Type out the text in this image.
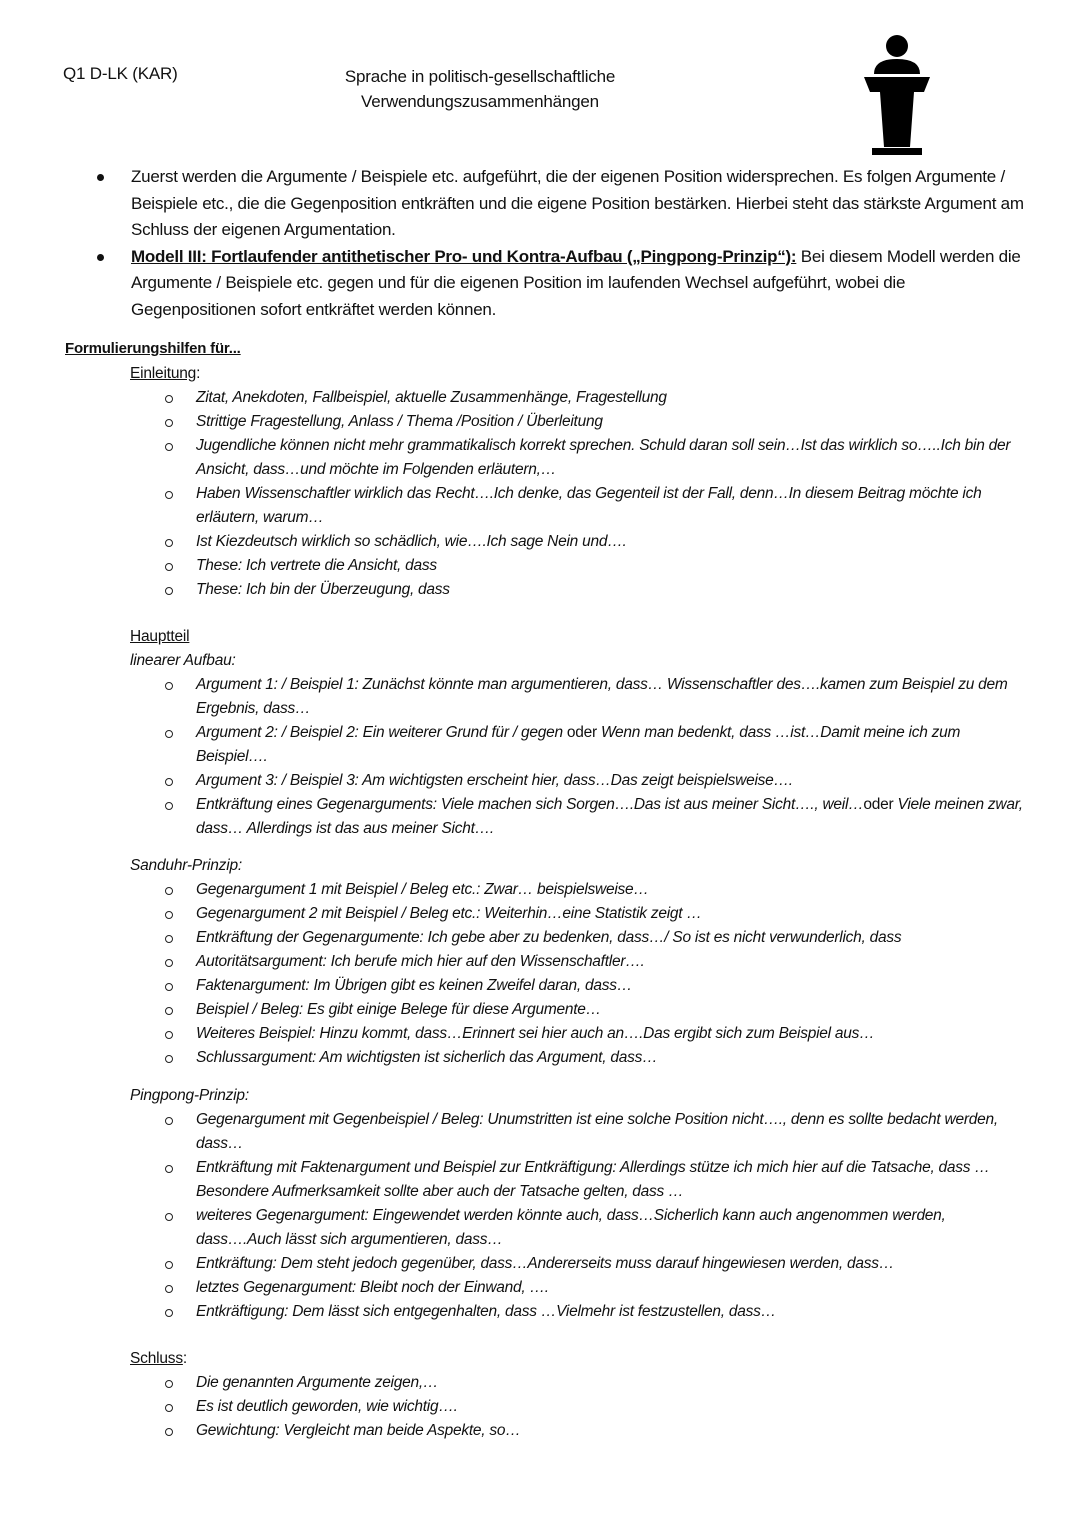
Q1 D-LK (KAR)	Sprache in politisch-gesellschaftliche
Verwendungszusammenhängen
Zuerst werden die Argumente / Beispiele etc. aufgeführt, die der eigenen Position widersprechen. Es folgen Argumente / Beispiele etc., die die Gegenposition entkräften und die eigene Position bestärken. Hierbei steht das stärkste Argument am Schluss der eigenen Argumentation.
Modell III: Fortlaufender antithetischer Pro- und Kontra-Aufbau („Pingpong-Prinzip“): Bei diesem Modell werden die Argumente / Beispiele etc. gegen und für die eigenen Position im laufenden Wechsel aufgeführt, wobei die Gegenpositionen sofort entkräftet werden können.
Formulierungshilfen für...
Einleitung:
Zitat, Anekdoten, Fallbeispiel, aktuelle Zusammenhänge, Fragestellung
Strittige Fragestellung, Anlass / Thema /Position / Überleitung
Jugendliche können nicht mehr grammatikalisch korrekt sprechen. Schuld daran soll sein…Ist das wirklich so…..Ich bin der Ansicht, dass…und möchte im Folgenden erläutern,…
Haben Wissenschaftler wirklich das Recht….Ich denke, das Gegenteil ist der Fall, denn…In diesem Beitrag möchte ich erläutern, warum…
Ist Kiezdeutsch wirklich so schädlich, wie….Ich sage Nein und….
These: Ich vertrete die Ansicht, dass
These: Ich bin der Überzeugung, dass
Hauptteil
linearer Aufbau:
Argument 1: / Beispiel 1: Zunächst könnte man argumentieren, dass… Wissenschaftler des….kamen zum Beispiel zu dem Ergebnis, dass…
Argument 2: / Beispiel 2: Ein weiterer Grund für / gegen oder Wenn man bedenkt, dass …ist…Damit meine ich zum Beispiel….
Argument 3: / Beispiel 3: Am wichtigsten erscheint hier, dass…Das zeigt beispielsweise….
Entkräftung eines Gegenarguments: Viele machen sich Sorgen….Das ist aus meiner Sicht…., weil…oder Viele meinen zwar, dass… Allerdings ist das aus meiner Sicht….
Sanduhr-Prinzip:
Gegenargument 1 mit Beispiel / Beleg etc.: Zwar… beispielsweise…
Gegenargument 2 mit Beispiel / Beleg etc.: Weiterhin…eine Statistik zeigt …
Entkräftung der Gegenargumente: Ich gebe aber zu bedenken, dass…/ So ist es nicht verwunderlich, dass
Autoritätsargument: Ich berufe mich hier auf den Wissenschaftler….
Faktenargument: Im Übrigen gibt es keinen Zweifel daran, dass…
Beispiel / Beleg: Es gibt einige Belege für diese Argumente…
Weiteres Beispiel: Hinzu kommt, dass…Erinnert sei hier auch an….Das ergibt sich zum Beispiel aus…
Schlussargument: Am wichtigsten ist sicherlich das Argument, dass…
Pingpong-Prinzip:
Gegenargument mit Gegenbeispiel / Beleg: Unumstritten ist eine solche Position nicht…., denn es sollte bedacht werden, dass…
Entkräftung mit Faktenargument und Beispiel zur Entkräftigung: Allerdings stütze ich mich hier auf die Tatsache, dass …Besondere Aufmerksamkeit sollte aber auch der Tatsache gelten, dass …
weiteres Gegenargument: Eingewendet werden könnte auch, dass…Sicherlich kann auch angenommen werden, dass….Auch lässt sich argumentieren, dass…
Entkräftung: Dem steht jedoch gegenüber, dass…Andererseits muss darauf hingewiesen werden, dass…
letztes Gegenargument: Bleibt noch der Einwand, ….
Entkräftigung: Dem lässt sich entgegenhalten, dass …Vielmehr ist festzustellen, dass…
Schluss:
Die genannten Argumente zeigen,…
Es ist deutlich geworden, wie wichtig….
Gewichtung: Vergleicht man beide Aspekte, so…
